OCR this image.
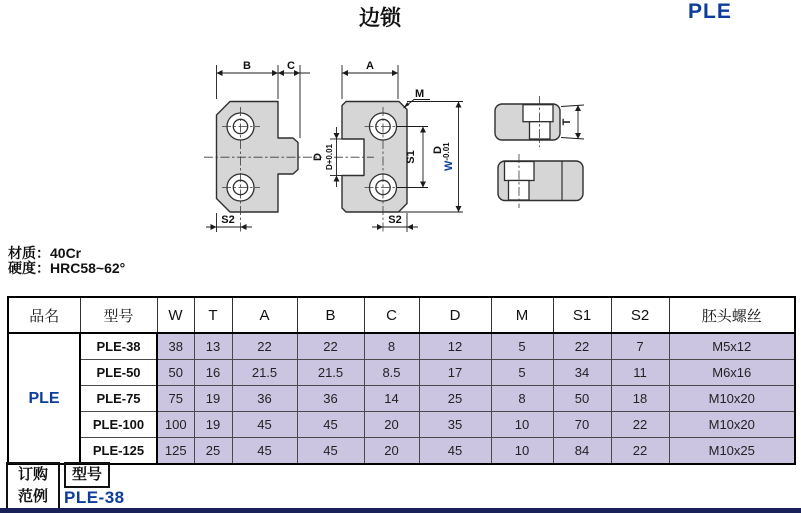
边锁	PLE
T
B	C	A
M
D D+0.01	S1
D
$W^{-0.01}$
S2	S2
材质：40Cr
硬度：HRC58~62°
品名	型号	W	T	A	B	C	D	M	S1	S2	胚头螺丝
PLE	PLE-38	38	13	22	22	8	12	5	22	7	M5x12
	PLE-50	50	16	21.5	21.5	8.5	17	5	34	11	M6x16
	PLE-75	75	19	36	36	14	25	8	50	18	M10x20
	PLE-100	100	19	45	45	20	35	10	70	22	M10x20
	PLE-125	125	25	45	45	20	45	10	84	22	M10x25
订购
范例
型号
PLE-38
